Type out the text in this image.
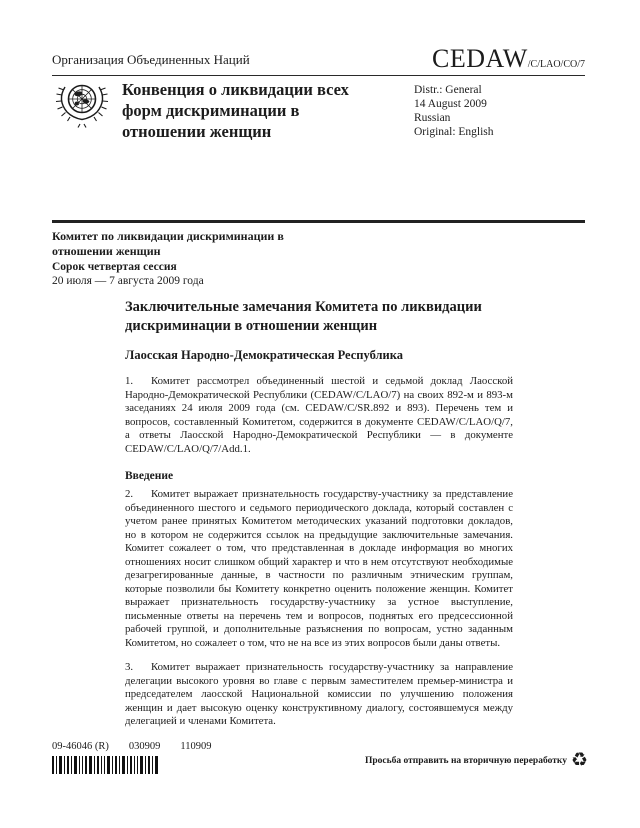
Организация Объединенных Наций	CEDAW/C/LAO/CO/7
Конвенция о ликвидации всех форм дискриминации в отношении женщин
Distr.: General
14 August 2009
Russian
Original: English
Комитет по ликвидации дискриминации в отношении женщин
Сорок четвертая сессия
20 июля — 7 августа 2009 года
Заключительные замечания Комитета по ликвидации дискриминации в отношении женщин
Лаосская Народно-Демократическая Республика

1. Комитет рассмотрел объединенный шестой и седьмой доклад Лаосской Народно-Демократической Республики (CEDAW/C/LAO/7) на своих 892-м и 893-м заседаниях 24 июля 2009 года (см. CEDAW/C/SR.892 и 893). Перечень тем и вопросов, составленный Комитетом, содержится в документе CEDAW/C/LAO/Q/7, а ответы Лаосской Народно-Демократической Республики — в документе CEDAW/C/LAO/Q/7/Add.1.

Введение

2. Комитет выражает признательность государству-участнику за представление объединенного шестого и седьмого периодического доклада, который составлен с учетом ранее принятых Комитетом методических указаний подготовки докладов, но в котором не содержится ссылок на предыдущие заключительные замечания. Комитет сожалеет о том, что представленная в докладе информация во многих отношениях носит слишком общий характер и что в нем отсутствуют необходимые дезагрегированные данные, в частности по различным этническим группам, которые позволили бы Комитету конкретно оценить положение женщин. Комитет выражает признательность государству-участнику за устное выступление, письменные ответы на перечень тем и вопросов, поднятых его предсессионной рабочей группой, и дополнительные разъяснения по вопросам, устно заданным Комитетом, но сожалеет о том, что не на все из этих вопросов были даны ответы.

3. Комитет выражает признательность государству-участнику за направление делегации высокого уровня во главе с первым заместителем премьер-министра и председателем лаосской Национальной комиссии по улучшению положения женщин и дает высокую оценку конструктивному диалогу, состоявшемуся между делегацией и членами Комитета.

09-46046 (R) 030909 110909
Просьба отправить на вторичную переработку ♻
